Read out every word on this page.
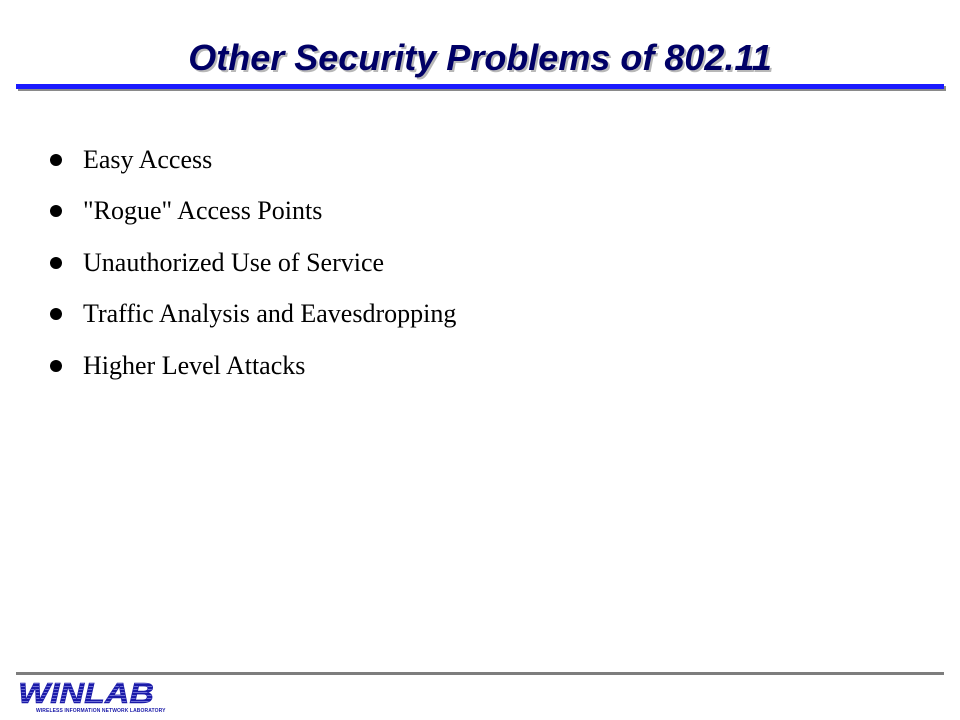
Other Security Problems of 802.11
Easy Access
"Rogue" Access Points
Unauthorized Use of Service
Traffic Analysis and Eavesdropping
Higher Level Attacks
WINLAB
WIRELESS INFORMATION NETWORK LABORATORY
